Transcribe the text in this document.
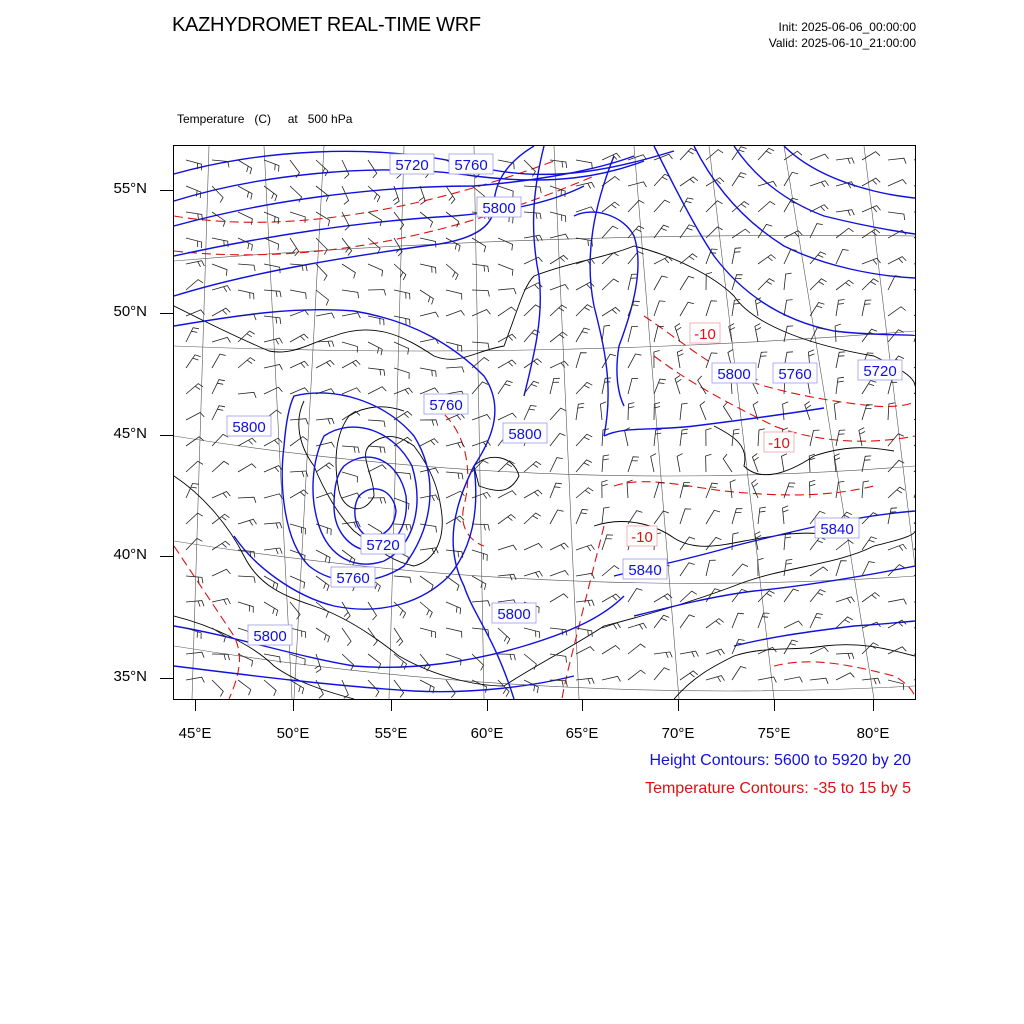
KAZHYDROMET REAL-TIME WRF	Init: 2025-06-06_00:00:00
Valid: 2025-06-10_21:00:00

Temperature   (C)     at   500 hPa

5720 5760
5800
5800
5760
5800
5800
5720
5760
5800
5800
5760	5720
5840
5840
-10
-10
-10
55°N
50°N
45°N
40°N
35°N
45°E	50°E	55°E	60°E	65°E	70°E	75°E	80°E
Height Contours: 5600 to 5920 by 20
Temperature Contours: -35 to 15 by 5
